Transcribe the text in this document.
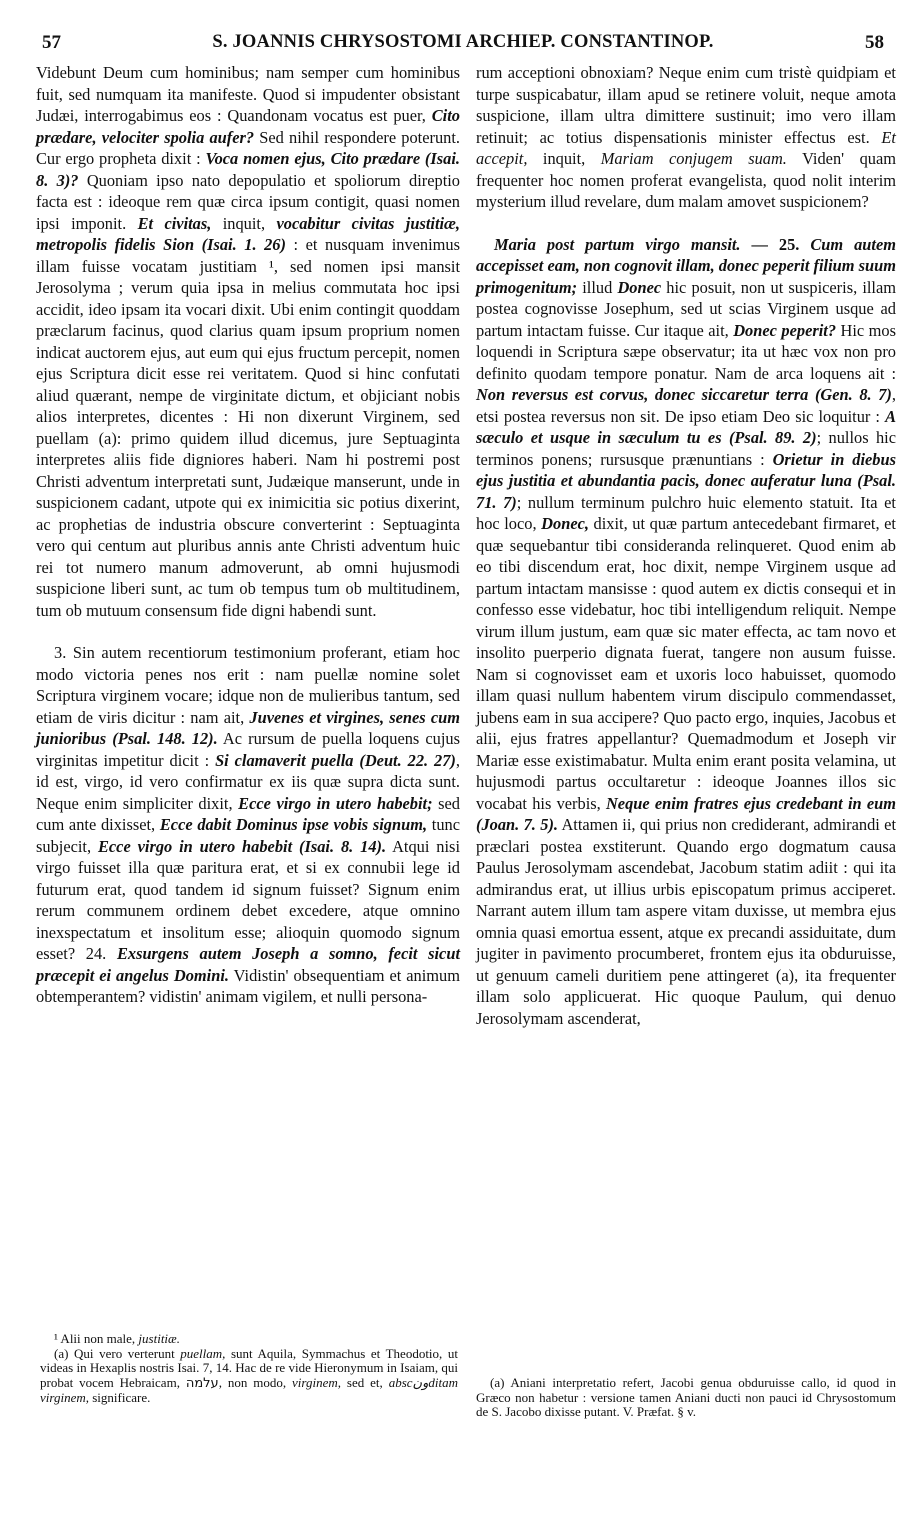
57	S. JOANNIS CHRYSOSTOMI ARCHIEP. CONSTANTINOP.	58

Videbunt Deum cum hominibus; nam semper cum hominibus fuit, sed numquam ita manifeste. Quod si impudenter obsistant Judæi, interrogabimus eos : Quandonam vocatus est puer, Cito prædare, velociter spolia aufer? Sed nihil respondere poterunt. Cur ergo propheta dixit : Voca nomen ejus, Cito prædare (Isai. 8. 3)? Quoniam ipso nato depopulatio et spoliorum direptio facta est : ideoque rem quæ circa ipsum contigit, quasi nomen ipsi imponit. Et civitas, inquit, vocabitur civitas justitiæ, metropolis fidelis Sion (Isai. 1. 26) : et nusquam invenimus illam fuisse vocatam justitiam ¹, sed nomen ipsi mansit Jerosolyma ; verum quia ipsa in melius commutata hoc ipsi accidit, ideo ipsam ita vocari dixit. Ubi enim contingit quoddam præclarum facinus, quod clarius quam ipsum proprium nomen indicat auctorem ejus, aut eum qui ejus fructum percepit, nomen ejus Scriptura dicit esse rei veritatem. Quod si hinc confutati aliud quærant, nempe de virginitate dictum, et objiciant nobis alios interpretes, dicentes : Hi non dixerunt Virginem, sed puellam (a): primo quidem illud dicemus, jure Septuaginta interpretes aliis fide digniores haberi. Nam hi postremi post Christi adventum interpretati sunt, Judæique manserunt, unde in suspicionem cadant, utpote qui ex inimicitia sic potius dixerint, ac prophetias de industria obscure converterint : Septuaginta vero qui centum aut pluribus annis ante Christi adventum huic rei tot numero manum admoverunt, ab omni hujusmodi suspicione liberi sunt, ac tum ob tempus tum ob multitudinem, tum ob mutuum consensum fide digni habendi sunt.

3. Sin autem recentiorum testimonium proferant, etiam hoc modo victoria penes nos erit : nam puellæ nomine solet Scriptura virginem vocare; idque non de mulieribus tantum, sed etiam de viris dicitur : nam ait, Juvenes et virgines, senes cum junioribus (Psal. 148. 12). Ac rursum de puella loquens cujus virginitas impetitur dicit : Si clamaverit puella (Deut. 22. 27), id est, virgo, id vero confirmatur ex iis quæ supra dicta sunt. Neque enim simpliciter dixit, Ecce virgo in utero habebit; sed cum ante dixisset, Ecce dabit Dominus ipse vobis signum, tunc subjecit, Ecce virgo in utero habebit (Isai. 8. 14). Atqui nisi virgo fuisset illa quæ paritura erat, et si ex connubii lege id futurum erat, quod tandem id signum fuisset? Signum enim rerum communem ordinem debet excedere, atque omnino inexspectatum et insolitum esse; alioquin quomodo signum esset? 24. Exsurgens autem Joseph a somno, fecit sicut præcepit ei angelus Domini. Vidistin' obsequentiam et animum obtemperantem? vidistin' animam vigilem, et nulli persona-

¹ Alii non male, justitiæ.

(a) Qui vero verterunt puellam, sunt Aquila, Symmachus et Theodotio, ut videas in Hexaplis nostris Isai. 7, 14. Hac de re vide Hieronymum in Isaiam, qui probat vocem Hebraicam, עלמה, non modo, virginem, sed et, abscونditam virginem, significare.

rum acceptioni obnoxiam? Neque enim cum tristè quidpiam et turpe suspicabatur, illam apud se retinere voluit, neque amota suspicione, illam ultra dimittere sustinuit; imo vero illam retinuit; ac totius dispensationis minister effectus est. Et accepit, inquit, Mariam conjugem suam. Viden' quam frequenter hoc nomen proferat evangelista, quod nolit interim mysterium illud revelare, dum malam amovet suspicionem?

Maria post partum virgo mansit. — 25. Cum autem accepisset eam, non cognovit illam, donec peperit filium suum primogenitum; illud Donec hic posuit, non ut suspiceris, illam postea cognovisse Josephum, sed ut scias Virginem usque ad partum intactam fuisse. Cur itaque ait, Donec peperit? Hic mos loquendi in Scriptura sæpe observatur; ita ut hæc vox non pro definito quodam tempore ponatur. Nam de arca loquens ait : Non reversus est corvus, donec siccaretur terra (Gen. 8. 7), etsi postea reversus non sit. De ipso etiam Deo sic loquitur : A sæculo et usque in sæculum tu es (Psal. 89. 2); nullos hic terminos ponens; rursusque prænuntians : Orietur in diebus ejus justitia et abundantia pacis, donec auferatur luna (Psal. 71. 7); nullum terminum pulchro huic elemento statuit. Ita et hoc loco, Donec, dixit, ut quæ partum antecedebant firmaret, et quæ sequebantur tibi consideranda relinqueret. Quod enim ab eo tibi discendum erat, hoc dixit, nempe Virginem usque ad partum intactam mansisse : quod autem ex dictis consequi et in confesso esse videbatur, hoc tibi intelligendum reliquit. Nempe virum illum justum, eam quæ sic mater effecta, ac tam novo et insolito puerperio dignata fuerat, tangere non ausum fuisse. Nam si cognovisset eam et uxoris loco habuisset, quomodo illam quasi nullum habentem virum discipulo commendasset, jubens eam in sua accipere? Quo pacto ergo, inquies, Jacobus et alii, ejus fratres appellantur? Quemadmodum et Joseph vir Mariæ esse existimabatur. Multa enim erant posita velamina, ut hujusmodi partus occultaretur : ideoque Joannes illos sic vocabat his verbis, Neque enim fratres ejus credebant in eum (Joan. 7. 5). Attamen ii, qui prius non crediderant, admirandi et præclari postea exstiterunt. Quando ergo dogmatum causa Paulus Jerosolymam ascendebat, Jacobum statim adiit : qui ita admirandus erat, ut illius urbis episcopatum primus acciperet. Narrant autem illum tam aspere vitam duxisse, ut membra ejus omnia quasi emortua essent, atque ex precandi assiduitate, dum jugiter in pavimento procumberet, frontem ejus ita obduruisse, ut genuum cameli duritiem pene attingeret (a), ita frequenter illam solo applicuerat. Hic quoque Paulum, qui denuo Jerosolymam ascenderat,

(a) Aniani interpretatio refert, Jacobi genua obduruisse callo, id quod in Græco non habetur : versione tamen Aniani ducti non pauci id Chrysostomum de S. Jacobo dixisse putant. V. Præfat. § v.
